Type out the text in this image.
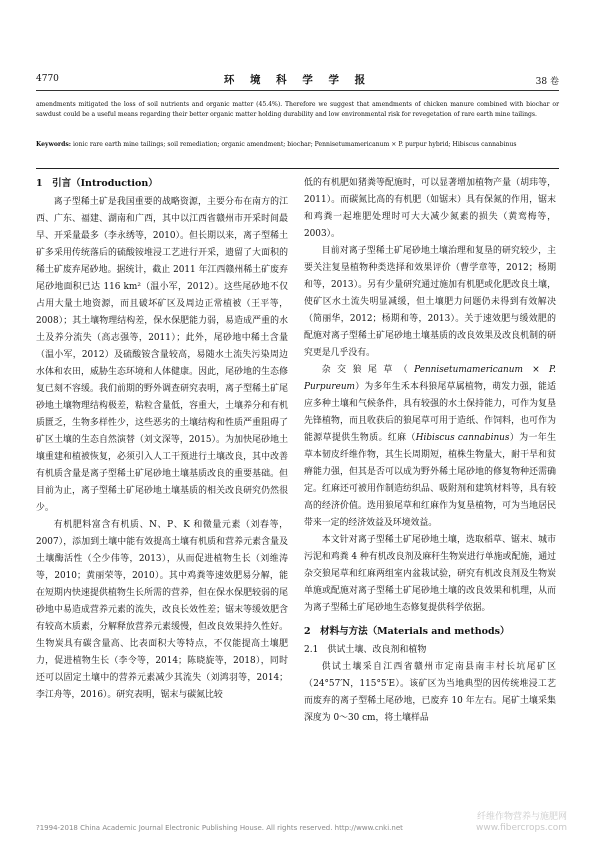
4770	环 境 科 学 学 报	38 卷
amendments mitigated the loss of soil nutrients and organic matter (45.4%). Therefore we suggest that amendments of chicken manure combined with biochar or sawdust could be a useful means regarding their better organic matter holding durability and low environmental risk for revegetation of rare earth mine tailings.
Keywords: ionic rare earth mine tailings; soil remediation; organic amendment; biochar; Pennisetumamericanum × P. purpur hybrid; Hibiscus cannabinus
1　引言（Introduction）

离子型稀土矿是我国重要的战略资源，主要分布在南方的江西、广东、福建、湖南和广西，其中以江西省赣州市开采时间最早、开采量最多（李永绣等，2010）。但长期以来，离子型稀土矿多采用传统落后的硫酸铵堆浸工艺进行开采，遗留了大面积的稀土矿废弃尾砂地。据统计，截止 2011 年江西赣州稀土矿废弃尾砂地面积已达 116 km²（温小军，2012）。这些尾砂地不仅占用大量土地资源，而且破坏矿区及周边正常植被（王平等，2008）；其土壤物理结构差，保水保肥能力弱，易造成严重的水土及养分流失（高志强等，2011）；此外，尾砂地中稀土含量（温小军，2012）及硫酸铵含量较高，易随水土流失污染周边水体和农田，威胁生态环境和人体健康。因此，尾砂地的生态修复已刻不容缓。我们前期的野外调查研究表明，离子型稀土矿尾砂地土壤物理结构极差，粘粒含量低，容重大，土壤养分和有机质匮乏，生物多样性少，这些恶劣的土壤结构和性质严重阻碍了矿区土壤的生态自然演替（刘文深等，2015）。为加快尾砂地土壤重建和植被恢复，必须引入人工干预进行土壤改良，其中改善有机质含量是离子型稀土矿尾砂地土壤基质改良的重要基础。但目前为止，离子型稀土矿尾砂地土壤基质的相关改良研究仍然很少。

有机肥料富含有机质、N、P、K 和微量元素（刘春等，2007），添加到土壤中能有效提高土壤有机质和营养元素含量及土壤酶活性（仝少伟等，2013），从而促进植物生长（刘维涛等，2010；黄丽荣等，2010）。其中鸡粪等速效肥易分解，能在短期内快速提供植物生长所需的营养，但在保水保肥较弱的尾砂地中易造成营养元素的流失，改良长效性差；锯末等缓效肥含有较高木质素，分解释放营养元素缓慢，但改良效果持久性好。生物炭具有碳含量高、比表面积大等特点，不仅能提高土壤肥力，促进植物生长（李令等，2014；陈晓旋等，2018），同时还可以固定土壤中的营养元素减少其流失（刘鸿羽等，2014；李江舟等，2016）。研究表明，锯末与碳氮比较

低的有机肥如猪粪等配施时，可以显著增加植物产量（胡玮等，2011）。而碳氮比高的有机肥（如锯末）具有保氮的作用，锯末和鸡粪一起堆肥处理时可大大减少氮素的损失（黄鸾梅等，2003）。

目前对离子型稀土矿尾砂地土壤治理和复垦的研究较少，主要关注复垦植物种类选择和效果评价（曹学章等，2012；杨期和等，2013）。另有少量研究通过施加有机肥或化肥改良土壤，使矿区水土流失明显减缓，但土壤肥力问题仍未得到有效解决（简丽华，2012；杨期和等，2013）。关于速效肥与缓效肥的配施对离子型稀土矿尾砂地土壤基质的改良效果及改良机制的研究更是几乎没有。

杂交狼尾草（Pennisetumamericanum × P. Purpureum）为多年生禾本科狼尾草属植物，萌发力强，能适应多种土壤和气候条件，具有较强的水土保持能力，可作为复垦先锋植物，而且收获后的狼尾草可用于造纸、作饲料，也可作为能源草提供生物质。红麻（Hibiscus cannabinus）为一年生草本韧皮纤维作物，其生长周期短，植株生物量大，耐干旱和贫瘠能力强，但其是否可以成为野外稀土尾砂地的修复物种还需确定。红麻还可被用作制造纺织品、吸附剂和建筑材料等，具有较高的经济价值。选用狼尾草和红麻作为复垦植物，可为当地居民带来一定的经济效益及环境效益。

本文针对离子型稀土矿尾砂地土壤，选取稻草、锯末、城市污泥和鸡粪 4 种有机改良剂及麻秆生物炭进行单施或配施，通过杂交狼尾草和红麻两组室内盆栽试验，研究有机改良剂及生物炭单施或配施对离子型稀土矿尾砂地土壤的改良效果和机理，从而为离子型稀土矿尾砂地生态修复提供科学依据。

2　材料与方法（Materials and methods）
2.1　供试土壤、改良剂和植物

供试土壤采自江西省赣州市定南县南丰村长坑尾矿区（24°57′N，115°5′E）。该矿区为当地典型的因传统堆浸工艺而废弃的离子型稀土尾砂地，已废弃 10 年左右。尾矿土壤采集深度为 0～30 cm，将土壤样品

?1994-2018 China Academic Journal Electronic Publishing House. All rights reserved. http://www.cnki.net
纤维作物营养与施肥网
www.fibercrops.com
